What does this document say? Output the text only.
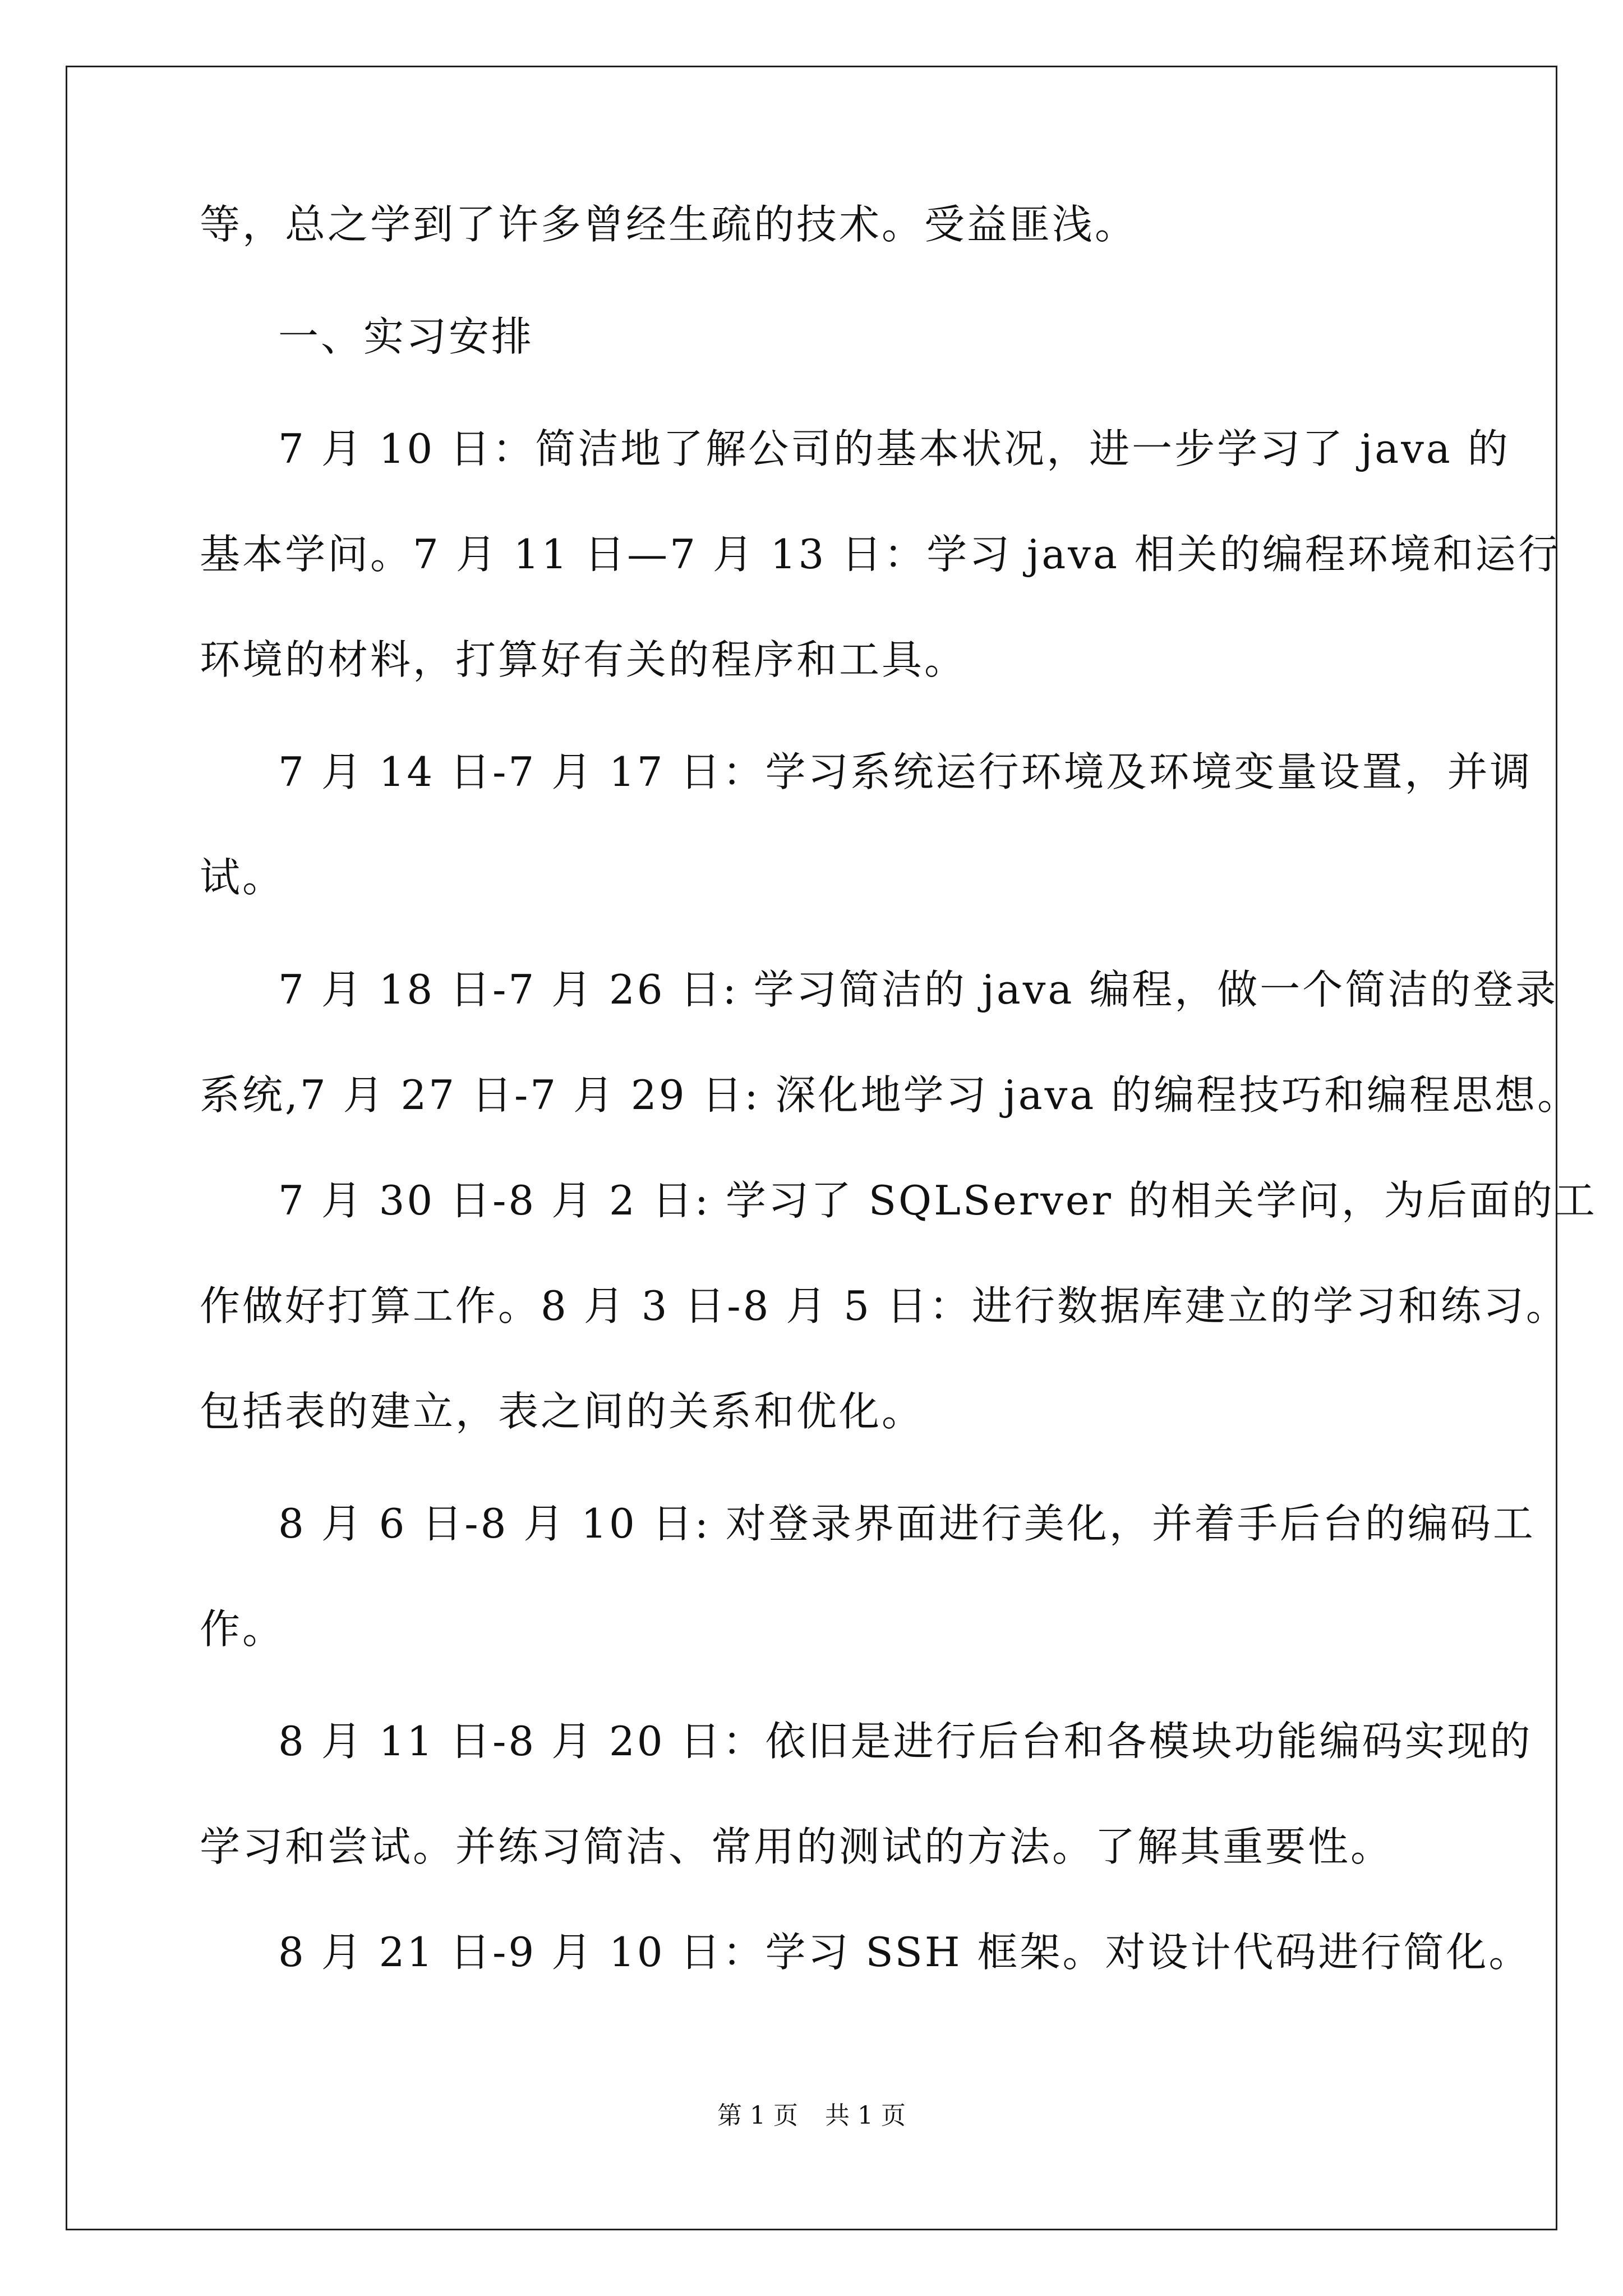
等，总之学到了许多曾经生疏的技术。受益匪浅。
一、实习安排
7 月 10 日：简洁地了解公司的基本状况，进一步学习了 java 的
基本学问。7 月 11 日—7 月 13 日：学习 java 相关的编程环境和运行
环境的材料，打算好有关的程序和工具。
7 月 14 日-7 月 17 日：学习系统运行环境及环境变量设置，并调
试。
7 月 18 日-7 月 26 日: 学习简洁的 java 编程，做一个简洁的登录
系统,7 月 27 日-7 月 29 日: 深化地学习 java 的编程技巧和编程思想。
7 月 30 日-8 月 2 日: 学习了 SQLServer 的相关学问，为后面的工
作做好打算工作。8 月 3 日-8 月 5 日：进行数据库建立的学习和练习。
包括表的建立，表之间的关系和优化。
8 月 6 日-8 月 10 日: 对登录界面进行美化，并着手后台的编码工
作。
8 月 11 日-8 月 20 日：依旧是进行后台和各模块功能编码实现的
学习和尝试。并练习简洁、常用的测试的方法。了解其重要性。
8 月 21 日-9 月 10 日：学习 SSH 框架。对设计代码进行简化。
第 1 页 共 1 页
